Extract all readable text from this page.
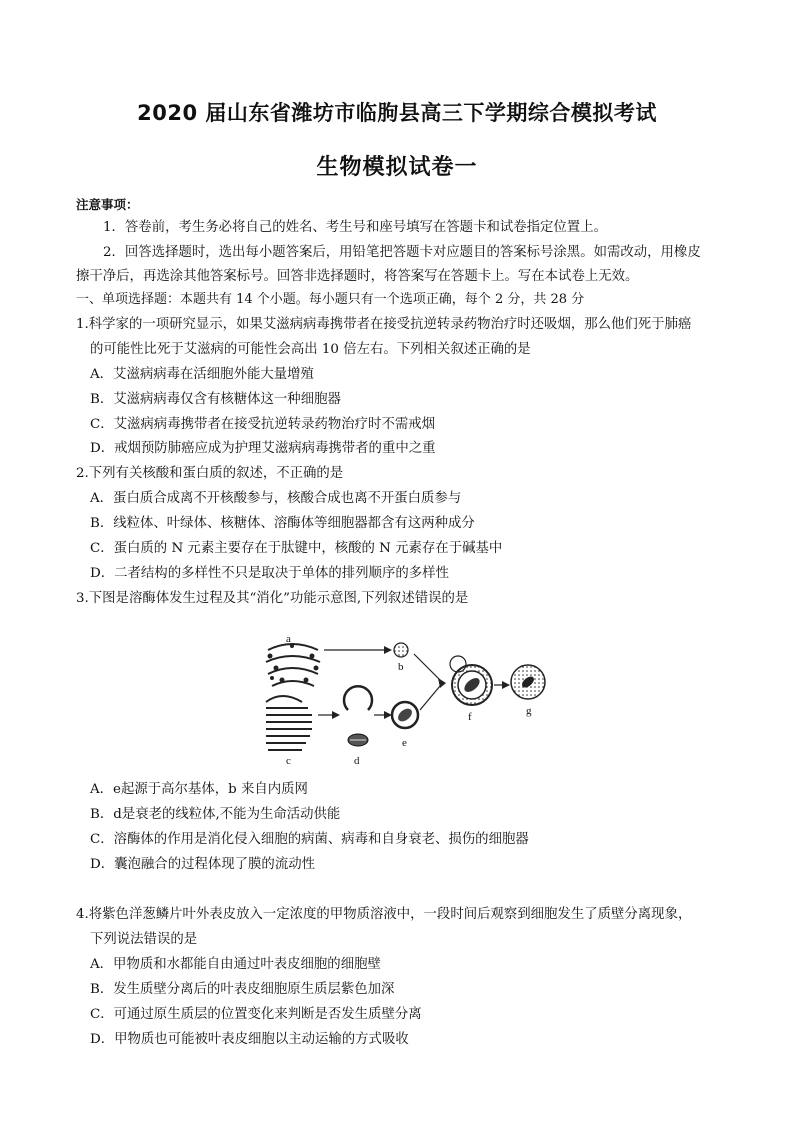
2020 届山东省潍坊市临朐县高三下学期综合模拟考试
生物模拟试卷一
注意事项：
1．答卷前，考生务必将自己的姓名、考生号和座号填写在答题卡和试卷指定位置上。
2．回答选择题时，选出每小题答案后，用铅笔把答题卡对应题目的答案标号涂黑。如需改动，用橡皮
擦干净后，再选涂其他答案标号。回答非选择题时，将答案写在答题卡上。写在本试卷上无效。
一、单项选择题：本题共有 14 个小题。每小题只有一个选项正确，每个 2 分，共 28 分
1.科学家的一项研究显示，如果艾滋病病毒携带者在接受抗逆转录药物治疗时还吸烟，那么他们死于肺癌
的可能性比死于艾滋病的可能性会高出 10 倍左右。下列相关叙述正确的是
A．艾滋病病毒在活细胞外能大量增殖
B．艾滋病病毒仅含有核糖体这一种细胞器
C．艾滋病病毒携带者在接受抗逆转录药物治疗时不需戒烟
D．戒烟预防肺癌应成为护理艾滋病病毒携带者的重中之重
2.下列有关核酸和蛋白质的叙述，不正确的是
A．蛋白质合成离不开核酸参与，核酸合成也离不开蛋白质参与
B．线粒体、叶绿体、核糖体、溶酶体等细胞器都含有这两种成分
C．蛋白质的 N 元素主要存在于肽键中，核酸的 N 元素存在于碱基中
D．二者结构的多样性不只是取决于单体的排列顺序的多样性
3.下图是溶酶体发生过程及其“消化”功能示意图,下列叙述错误的是
a
b
c	d
e
f	g
A．e起源于高尔基体，b 来自内质网
B．d是衰老的线粒体,不能为生命活动供能
C．溶酶体的作用是消化侵入细胞的病菌、病毒和自身衰老、损伤的细胞器
D．囊泡融合的过程体现了膜的流动性
4.将紫色洋葱鳞片叶外表皮放入一定浓度的甲物质溶液中，一段时间后观察到细胞发生了质壁分离现象，
下列说法错误的是
A．甲物质和水都能自由通过叶表皮细胞的细胞壁
B．发生质壁分离后的叶表皮细胞原生质层紫色加深
C．可通过原生质层的位置变化来判断是否发生质壁分离
D．甲物质也可能被叶表皮细胞以主动运输的方式吸收
